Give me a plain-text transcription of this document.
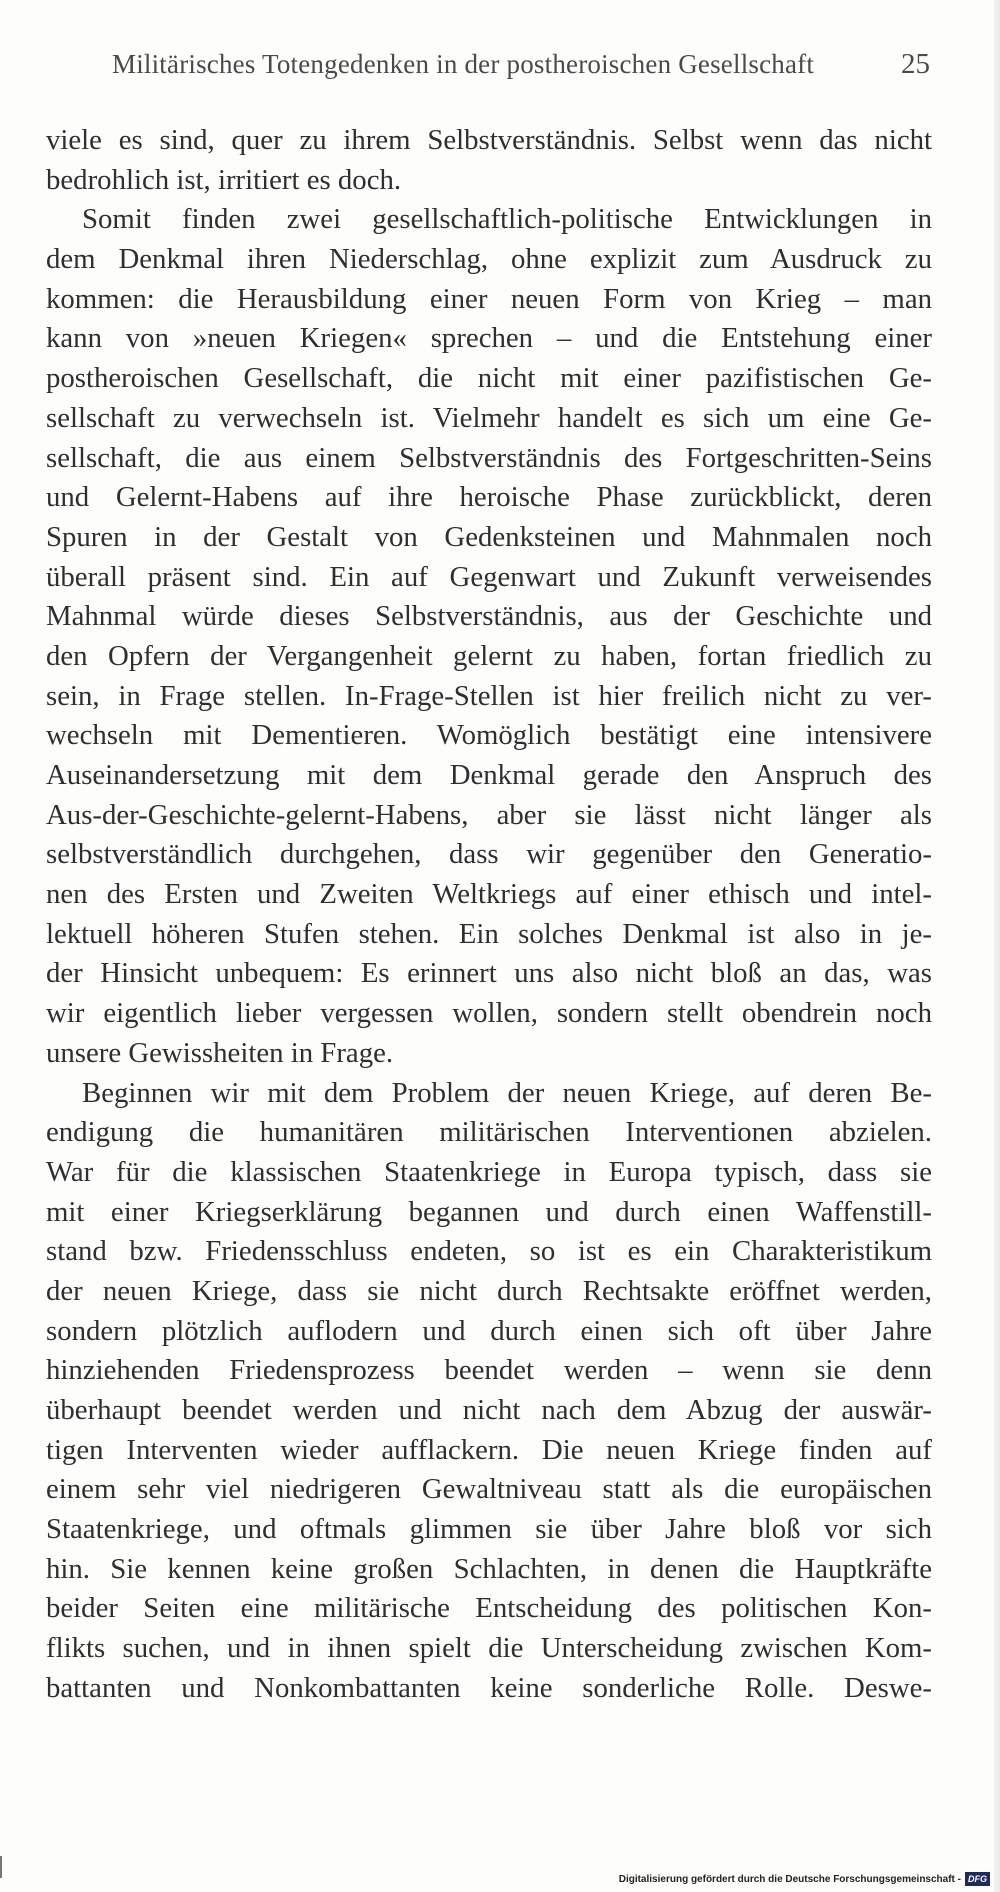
Militärisches Totengedenken in der postheroischen Gesellschaft	25
viele es sind, quer zu ihrem Selbstverständnis. Selbst wenn das nicht
bedrohlich ist, irritiert es doch.
Somit finden zwei gesellschaftlich-politische Entwicklungen in
dem Denkmal ihren Niederschlag, ohne explizit zum Ausdruck zu
kommen: die Herausbildung einer neuen Form von Krieg – man
kann von »neuen Kriegen« sprechen – und die Entstehung einer
postheroischen Gesellschaft, die nicht mit einer pazifistischen Ge-
sellschaft zu verwechseln ist. Vielmehr handelt es sich um eine Ge-
sellschaft, die aus einem Selbstverständnis des Fortgeschritten-Seins
und Gelernt-Habens auf ihre heroische Phase zurückblickt, deren
Spuren in der Gestalt von Gedenksteinen und Mahnmalen noch
überall präsent sind. Ein auf Gegenwart und Zukunft verweisendes
Mahnmal würde dieses Selbstverständnis, aus der Geschichte und
den Opfern der Vergangenheit gelernt zu haben, fortan friedlich zu
sein, in Frage stellen. In-Frage-Stellen ist hier freilich nicht zu ver-
wechseln mit Dementieren. Womöglich bestätigt eine intensivere
Auseinandersetzung mit dem Denkmal gerade den Anspruch des
Aus-der-Geschichte-gelernt-Habens, aber sie lässt nicht länger als
selbstverständlich durchgehen, dass wir gegenüber den Generatio-
nen des Ersten und Zweiten Weltkriegs auf einer ethisch und intel-
lektuell höheren Stufen stehen. Ein solches Denkmal ist also in je-
der Hinsicht unbequem: Es erinnert uns also nicht bloß an das, was
wir eigentlich lieber vergessen wollen, sondern stellt obendrein noch
unsere Gewissheiten in Frage.
Beginnen wir mit dem Problem der neuen Kriege, auf deren Be-
endigung die humanitären militärischen Interventionen abzielen.
War für die klassischen Staatenkriege in Europa typisch, dass sie
mit einer Kriegserklärung begannen und durch einen Waffenstill-
stand bzw. Friedensschluss endeten, so ist es ein Charakteristikum
der neuen Kriege, dass sie nicht durch Rechtsakte eröffnet werden,
sondern plötzlich auflodern und durch einen sich oft über Jahre
hinziehenden Friedensprozess beendet werden – wenn sie denn
überhaupt beendet werden und nicht nach dem Abzug der auswär-
tigen Interventen wieder aufflackern. Die neuen Kriege finden auf
einem sehr viel niedrigeren Gewaltniveau statt als die europäischen
Staatenkriege, und oftmals glimmen sie über Jahre bloß vor sich
hin. Sie kennen keine großen Schlachten, in denen die Hauptkräfte
beider Seiten eine militärische Entscheidung des politischen Kon-
flikts suchen, und in ihnen spielt die Unterscheidung zwischen Kom-
battanten und Nonkombattanten keine sonderliche Rolle. Deswe-
Digitalisierung gefördert durch die Deutsche Forschungsgemeinschaft - DFG
